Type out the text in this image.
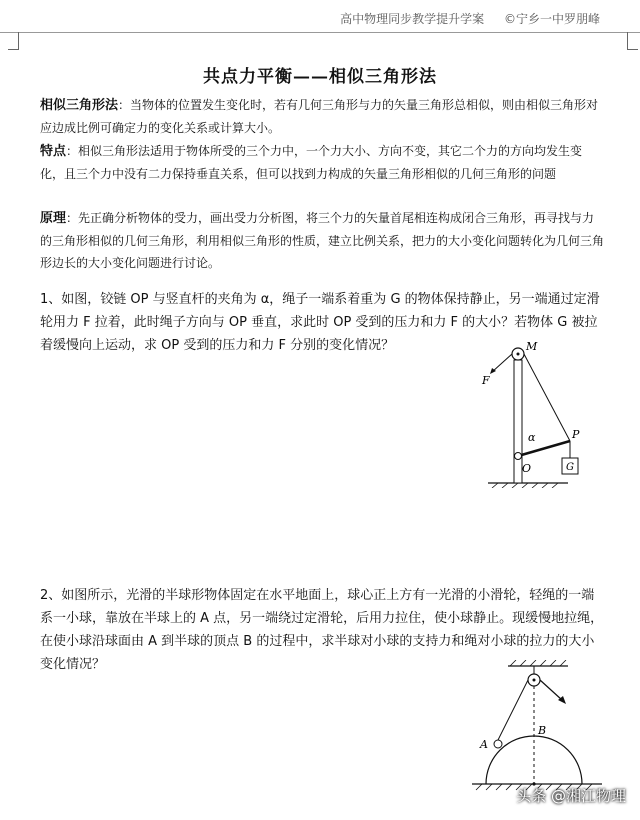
高中物理同步教学提升学案 ©宁乡一中罗朋峰
共点力平衡——相似三角形法
相似三角形法：当物体的位置发生变化时，若有几何三角形与力的矢量三角形总相似，则由相似三角形对应边成比例可确定力的变化关系或计算大小。
特点：相似三角形法适用于物体所受的三个力中，一个力大小、方向不变，其它二个力的方向均发生变化，且三个力中没有二力保持垂直关系，但可以找到力构成的矢量三角形相似的几何三角形的问题
原理：先正确分析物体的受力，画出受力分析图，将三个力的矢量首尾相连构成闭合三角形，再寻找与力的三角形相似的几何三角形，利用相似三角形的性质，建立比例关系，把力的大小变化问题转化为几何三角形边长的大小变化问题进行讨论。
1、如图，铰链 OP 与竖直杆的夹角为 α，绳子一端系着重为 G 的物体保持静止，另一端通过定滑轮用力 F 拉着，此时绳子方向与 OP 垂直，求此时 OP 受到的压力和力 F 的大小？若物体 G 被拉着缓慢向上运动，求 OP 受到的压力和力 F 分别的变化情况？	M
F
O
α	P
G
2、如图所示，光滑的半球形物体固定在水平地面上，球心正上方有一光滑的小滑轮，轻绳的一端系一小球，靠放在半球上的 A 点，另一端绕过定滑轮，后用力拉住，使小球静止。现缓慢地拉绳，在使小球沿球面由 A 到半球的顶点 B 的过程中，求半球对小球的支持力和绳对小球的拉力的大小变化情况？
A
B
头条 @湘江物理
